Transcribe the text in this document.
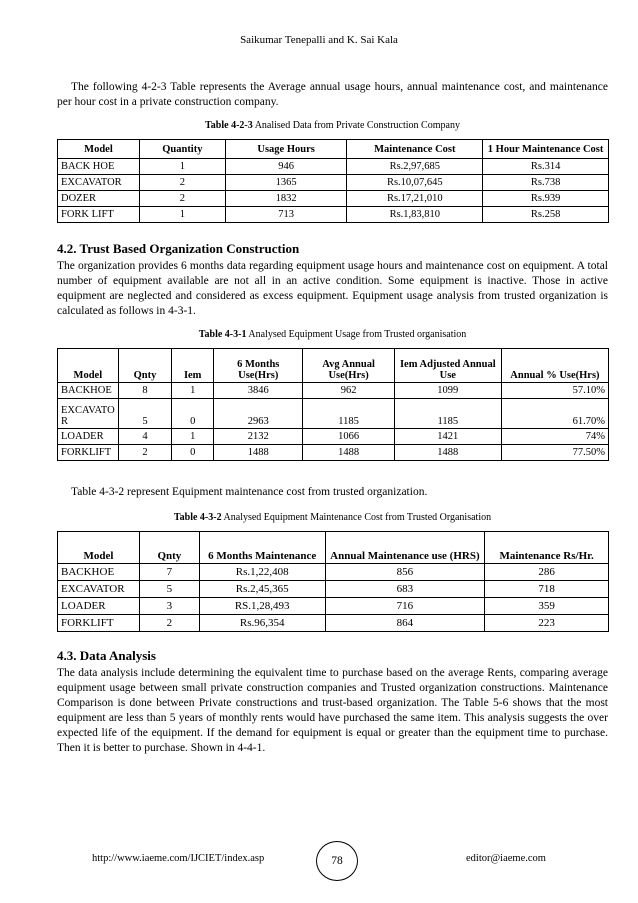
Saikumar Tenepalli and K. Sai Kala

The following 4-2-3 Table represents the Average annual usage hours, annual maintenance cost, and maintenance per hour cost in a private construction company.

Table 4-2-3 Analised Data from Private Construction Company
Model	Quantity	Usage Hours	Maintenance Cost	1 Hour Maintenance Cost
BACK HOE	1	946	Rs.2,97,685	Rs.314
EXCAVATOR	2	1365	Rs.10,07,645	Rs.738
DOZER	2	1832	Rs.17,21,010	Rs.939
FORK LIFT	1	713	Rs.1,83,810	Rs.258
4.2. Trust Based Organization Construction

The organization provides 6 months data regarding equipment usage hours and maintenance cost on equipment. A total number of equipment available are not all in an active condition. Some equipment is inactive. Those in active equipment are neglected and considered as excess equipment. Equipment usage analysis from trusted organization is calculated as follows in 4-3-1.

Table 4-3-1 Analysed Equipment Usage from Trusted organisation
Model	Qnty	Iem	6 Months Use(Hrs)	Avg Annual Use(Hrs)	Iem Adjusted Annual Use	Annual % Use(Hrs)
BACKHOE	8	1	3846	962	1099	57.10%
EXCAVATO R	5	0	2963	1185	1185	61.70%
LOADER	4	1	2132	1066	1421	74%
FORKLIFT	2	0	1488	1488	1488	77.50%

Table 4-3-2 represent Equipment maintenance cost from trusted organization.

Table 4-3-2 Analysed Equipment Maintenance Cost from Trusted Organisation
Model	Qnty	6 Months Maintenance	Annual Maintenance use (HRS)	Maintenance Rs/Hr.
BACKHOE	7	Rs.1,22,408	856	286
EXCAVATOR	5	Rs.2,45,365	683	718
LOADER	3	RS.1,28,493	716	359
FORKLIFT	2	Rs.96,354	864	223
4.3. Data Analysis

The data analysis include determining the equivalent time to purchase based on the average Rents, comparing average equipment usage between small private construction companies and Trusted organization constructions. Maintenance Comparison is done between Private constructions and trust-based organization. The Table 5-6 shows that the most equipment are less than 5 years of monthly rents would have purchased the same item. This analysis suggests the over expected life of the equipment. If the demand for equipment is equal or greater than the equipment time to purchase. Then it is better to purchase. Shown in 4-4-1.

http://www.iaeme.com/IJCIET/index.asp	78	editor@iaeme.com
